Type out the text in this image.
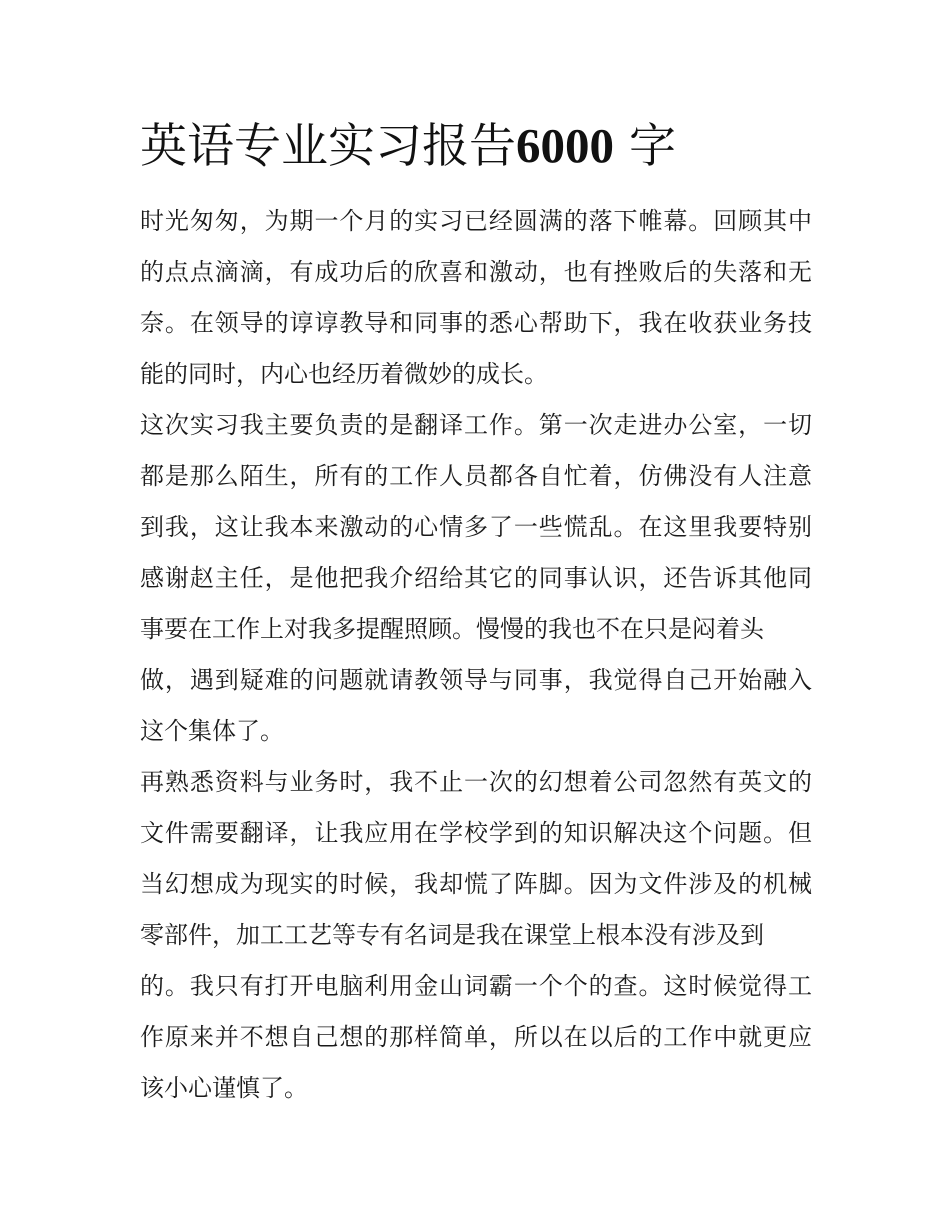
英语专业实习报告6000 字
时光匆匆，为期一个月的实习已经圆满的落下帷幕。回顾其中
的点点滴滴，有成功后的欣喜和激动，也有挫败后的失落和无
奈。在领导的谆谆教导和同事的悉心帮助下，我在收获业务技
能的同时，内心也经历着微妙的成长。
这次实习我主要负责的是翻译工作。第一次走进办公室，一切
都是那么陌生，所有的工作人员都各自忙着，仿佛没有人注意
到我，这让我本来激动的心情多了一些慌乱。在这里我要特别
感谢赵主任，是他把我介绍给其它的同事认识，还告诉其他同
事要在工作上对我多提醒照顾。慢慢的我也不在只是闷着头
做，遇到疑难的问题就请教领导与同事，我觉得自己开始融入
这个集体了。
再熟悉资料与业务时，我不止一次的幻想着公司忽然有英文的
文件需要翻译，让我应用在学校学到的知识解决这个问题。但
当幻想成为现实的时候，我却慌了阵脚。因为文件涉及的机械
零部件，加工工艺等专有名词是我在课堂上根本没有涉及到
的。我只有打开电脑利用金山词霸一个个的查。这时候觉得工
作原来并不想自己想的那样简单，所以在以后的工作中就更应
该小心谨慎了。
